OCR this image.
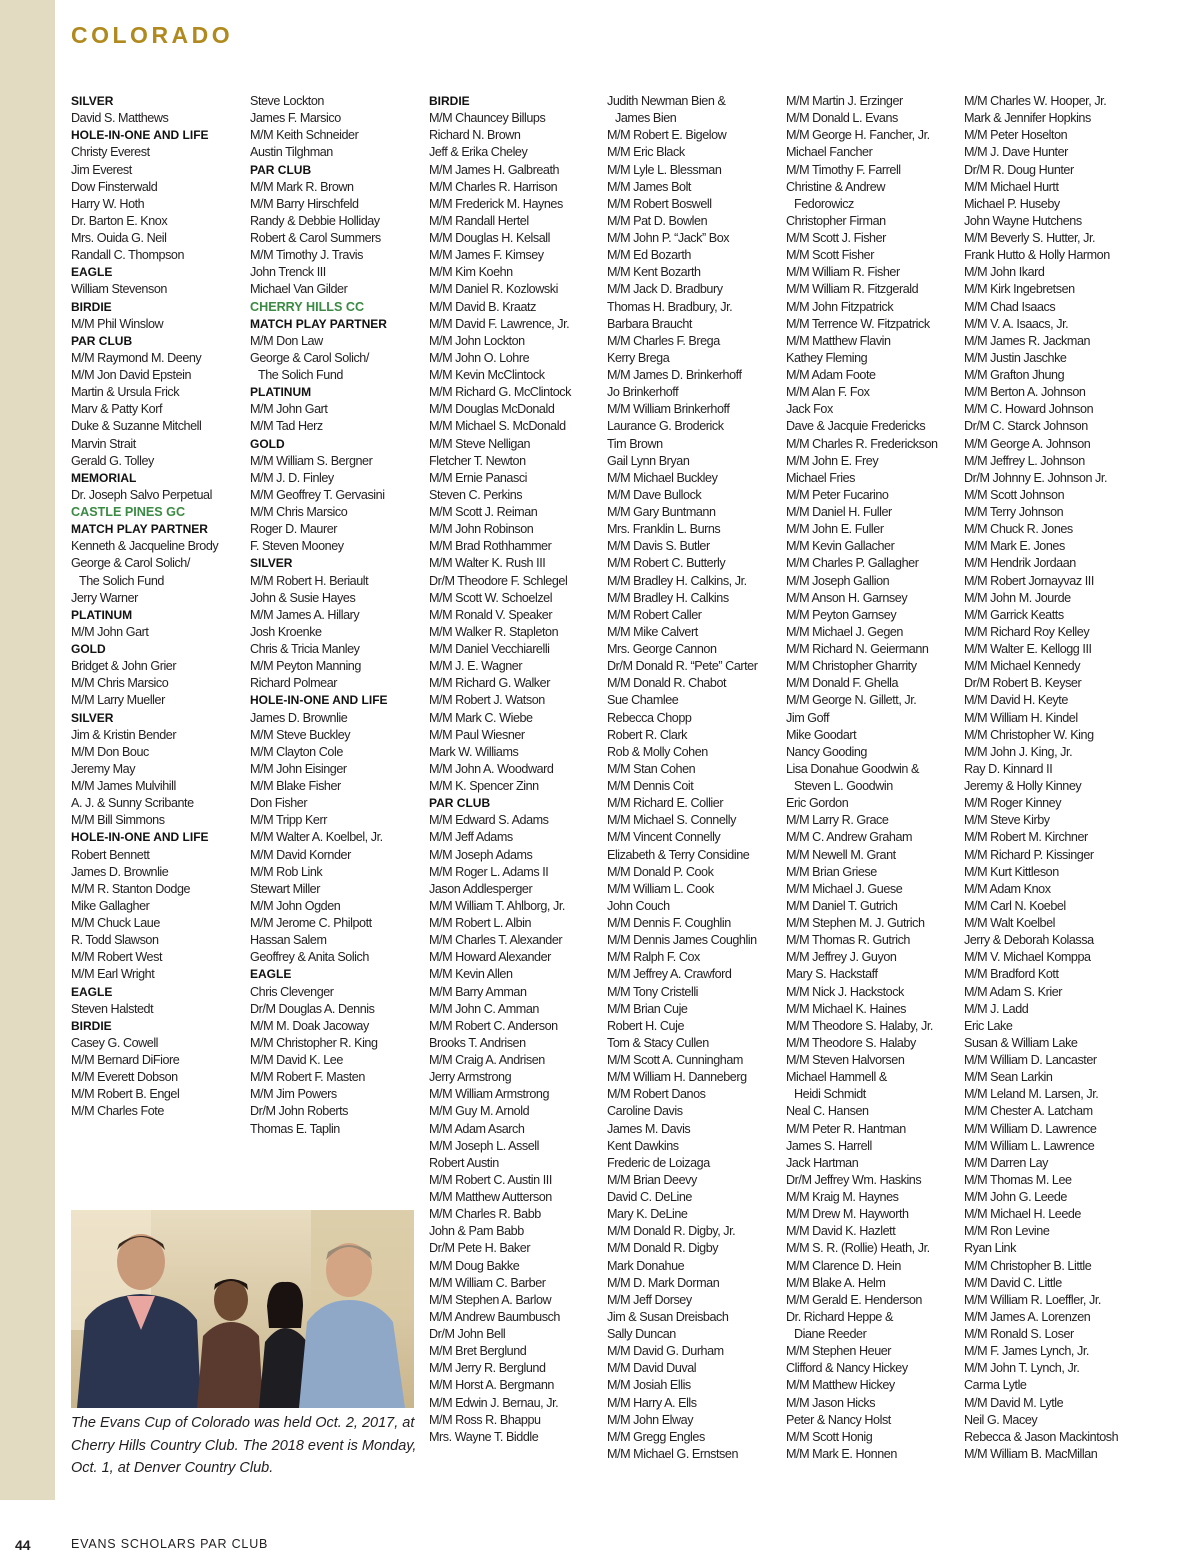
COLORADO
SILVER
David S. Matthews
HOLE-IN-ONE AND LIFE
Christy Everest
Jim Everest
Dow Finsterwald
Harry W. Hoth
Dr. Barton E. Knox
Mrs. Ouida G. Neil
Randall C. Thompson
EAGLE
William Stevenson
BIRDIE
M/M Phil Winslow
PAR CLUB
M/M Raymond M. Deeny
M/M Jon David Epstein
Martin & Ursula Frick
Marv & Patty Korf
Duke & Suzanne Mitchell
Marvin Strait
Gerald G. Tolley
MEMORIAL
Dr. Joseph Salvo Perpetual
CASTLE PINES GC
MATCH PLAY PARTNER
Kenneth & Jacqueline Brody
George & Carol Solich/
The Solich Fund
Jerry Warner
PLATINUM
M/M John Gart
GOLD
Bridget & John Grier
M/M Chris Marsico
M/M Larry Mueller
SILVER
Jim & Kristin Bender
M/M Don Bouc
Jeremy May
M/M James Mulvihill
A. J. & Sunny Scribante
M/M Bill Simmons
HOLE-IN-ONE AND LIFE
Robert Bennett
James D. Brownlie
M/M R. Stanton Dodge
Mike Gallagher
M/M Chuck Laue
R. Todd Slawson
M/M Robert West
M/M Earl Wright
EAGLE
Steven Halstedt
BIRDIE
Casey G. Cowell
M/M Bernard DiFiore
M/M Everett Dobson
M/M Robert B. Engel
M/M Charles Fote
Steve Lockton
James F. Marsico
M/M Keith Schneider
Austin Tilghman
PAR CLUB
M/M Mark R. Brown
M/M Barry Hirschfeld
Randy & Debbie Holliday
Robert & Carol Summers
M/M Timothy J. Travis
John Trenck III
Michael Van Gilder
CHERRY HILLS CC
MATCH PLAY PARTNER
M/M Don Law
George & Carol Solich/
The Solich Fund
PLATINUM
M/M John Gart
M/M Tad Herz
GOLD
M/M William S. Bergner
M/M J. D. Finley
M/M Geoffrey T. Gervasini
M/M Chris Marsico
Roger D. Maurer
F. Steven Mooney
SILVER
M/M Robert H. Beriault
John & Susie Hayes
M/M James A. Hillary
Josh Kroenke
Chris & Tricia Manley
M/M Peyton Manning
Richard Polmear
HOLE-IN-ONE AND LIFE
James D. Brownlie
M/M Steve Buckley
M/M Clayton Cole
M/M John Eisinger
M/M Blake Fisher
Don Fisher
M/M Tripp Kerr
M/M Walter A. Koelbel, Jr.
M/M David Kornder
M/M Rob Link
Stewart Miller
M/M John Ogden
M/M Jerome C. Philpott
Hassan Salem
Geoffrey & Anita Solich
EAGLE
Chris Clevenger
Dr/M Douglas A. Dennis
M/M M. Doak Jacoway
M/M Christopher R. King
M/M David K. Lee
M/M Robert F. Masten
M/M Jim Powers
Dr/M John Roberts
Thomas E. Taplin
BIRDIE
M/M Chauncey Billups
Richard N. Brown
Jeff & Erika Cheley
M/M James H. Galbreath
M/M Charles R. Harrison
M/M Frederick M. Haynes
M/M Randall Hertel
M/M Douglas H. Kelsall
M/M James F. Kimsey
M/M Kim Koehn
M/M Daniel R. Kozlowski
M/M David B. Kraatz
M/M David F. Lawrence, Jr.
M/M John Lockton
M/M John O. Lohre
M/M Kevin McClintock
M/M Richard G. McClintock
M/M Douglas McDonald
M/M Michael S. McDonald
M/M Steve Nelligan
Fletcher T. Newton
M/M Ernie Panasci
Steven C. Perkins
M/M Scott J. Reiman
M/M John Robinson
M/M Brad Rothhammer
M/M Walter K. Rush III
Dr/M Theodore F. Schlegel
M/M Scott W. Schoelzel
M/M Ronald V. Speaker
M/M Walker R. Stapleton
M/M Daniel Vecchiarelli
M/M J. E. Wagner
M/M Richard G. Walker
M/M Robert J. Watson
M/M Mark C. Wiebe
M/M Paul Wiesner
Mark W. Williams
M/M John A. Woodward
M/M K. Spencer Zinn
PAR CLUB
M/M Edward S. Adams
M/M Jeff Adams
M/M Joseph Adams
M/M Roger L. Adams II
Jason Addlesperger
M/M William T. Ahlborg, Jr.
M/M Robert L. Albin
M/M Charles T. Alexander
M/M Howard Alexander
M/M Kevin Allen
M/M Barry Amman
M/M John C. Amman
M/M Robert C. Anderson
Brooks T. Andrisen
M/M Craig A. Andrisen
Jerry Armstrong
M/M William Armstrong
M/M Guy M. Arnold
M/M Adam Asarch
M/M Joseph L. Assell
Robert Austin
M/M Robert C. Austin III
M/M Matthew Autterson
M/M Charles R. Babb
John & Pam Babb
Dr/M Pete H. Baker
M/M Doug Bakke
M/M William C. Barber
M/M Stephen A. Barlow
M/M Andrew Baumbusch
Dr/M John Bell
M/M Bret Berglund
M/M Jerry R. Berglund
M/M Horst A. Bergmann
M/M Edwin J. Bernau, Jr.
M/M Ross R. Bhappu
Mrs. Wayne T. Biddle
Judith Newman Bien &
James Bien
M/M Robert E. Bigelow
M/M Eric Black
M/M Lyle L. Blessman
M/M James Bolt
M/M Robert Boswell
M/M Pat D. Bowlen
M/M John P. “Jack” Box
M/M Ed Bozarth
M/M Kent Bozarth
M/M Jack D. Bradbury
Thomas H. Bradbury, Jr.
Barbara Braucht
M/M Charles F. Brega
Kerry Brega
M/M James D. Brinkerhoff
Jo Brinkerhoff
M/M William Brinkerhoff
Laurance G. Broderick
Tim Brown
Gail Lynn Bryan
M/M Michael Buckley
M/M Dave Bullock
M/M Gary Buntmann
Mrs. Franklin L. Burns
M/M Davis S. Butler
M/M Robert C. Butterly
M/M Bradley H. Calkins, Jr.
M/M Bradley H. Calkins
M/M Robert Caller
M/M Mike Calvert
Mrs. George Cannon
Dr/M Donald R. “Pete” Carter
M/M Donald R. Chabot
Sue Chamlee
Rebecca Chopp
Robert R. Clark
Rob & Molly Cohen
M/M Stan Cohen
M/M Dennis Coit
M/M Richard E. Collier
M/M Michael S. Connelly
M/M Vincent Connelly
Elizabeth & Terry Considine
M/M Donald P. Cook
M/M William L. Cook
John Couch
M/M Dennis F. Coughlin
M/M Dennis James Coughlin
M/M Ralph F. Cox
M/M Jeffrey A. Crawford
M/M Tony Cristelli
M/M Brian Cuje
Robert H. Cuje
Tom & Stacy Cullen
M/M Scott A. Cunningham
M/M William H. Danneberg
M/M Robert Danos
Caroline Davis
James M. Davis
Kent Dawkins
Frederic de Loizaga
M/M Brian Deevy
David C. DeLine
Mary K. DeLine
M/M Donald R. Digby, Jr.
M/M Donald R. Digby
Mark Donahue
M/M D. Mark Dorman
M/M Jeff Dorsey
Jim & Susan Dreisbach
Sally Duncan
M/M David G. Durham
M/M David Duval
M/M Josiah Ellis
M/M Harry A. Ells
M/M John Elway
M/M Gregg Engles
M/M Michael G. Ernstsen
M/M Martin J. Erzinger
M/M Donald L. Evans
M/M George H. Fancher, Jr.
Michael Fancher
M/M Timothy F. Farrell
Christine & Andrew
Fedorowicz
Christopher Firman
M/M Scott J. Fisher
M/M Scott Fisher
M/M William R. Fisher
M/M William R. Fitzgerald
M/M John Fitzpatrick
M/M Terrence W. Fitzpatrick
M/M Matthew Flavin
Kathey Fleming
M/M Adam Foote
M/M Alan F. Fox
Jack Fox
Dave & Jacquie Fredericks
M/M Charles R. Frederickson
M/M John E. Frey
Michael Fries
M/M Peter Fucarino
M/M Daniel H. Fuller
M/M John E. Fuller
M/M Kevin Gallacher
M/M Charles P. Gallagher
M/M Joseph Gallion
M/M Anson H. Garnsey
M/M Peyton Garnsey
M/M Michael J. Gegen
M/M Richard N. Geiermann
M/M Christopher Gharrity
M/M Donald F. Ghella
M/M George N. Gillett, Jr.
Jim Goff
Mike Goodart
Nancy Gooding
Lisa Donahue Goodwin &
Steven L. Goodwin
Eric Gordon
M/M Larry R. Grace
M/M C. Andrew Graham
M/M Newell M. Grant
M/M Brian Griese
M/M Michael J. Guese
M/M Daniel T. Gutrich
M/M Stephen M. J. Gutrich
M/M Thomas R. Gutrich
M/M Jeffrey J. Guyon
Mary S. Hackstaff
M/M Nick J. Hackstock
M/M Michael K. Haines
M/M Theodore S. Halaby, Jr.
M/M Theodore S. Halaby
M/M Steven Halvorsen
Michael Hammell &
Heidi Schmidt
Neal C. Hansen
M/M Peter R. Hantman
James S. Harrell
Jack Hartman
Dr/M Jeffrey Wm. Haskins
M/M Kraig M. Haynes
M/M Drew M. Hayworth
M/M David K. Hazlett
M/M S. R. (Rollie) Heath, Jr.
M/M Clarence D. Hein
M/M Blake A. Helm
M/M Gerald E. Henderson
Dr. Richard Heppe &
Diane Reeder
M/M Stephen Heuer
Clifford & Nancy Hickey
M/M Matthew Hickey
M/M Jason Hicks
Peter & Nancy Holst
M/M Scott Honig
M/M Mark E. Honnen
M/M Charles W. Hooper, Jr.
Mark & Jennifer Hopkins
M/M Peter Hoselton
M/M J. Dave Hunter
Dr/M R. Doug Hunter
M/M Michael Hurtt
Michael P. Huseby
John Wayne Hutchens
M/M Beverly S. Hutter, Jr.
Frank Hutto & Holly Harmon
M/M John Ikard
M/M Kirk Ingebretsen
M/M Chad Isaacs
M/M V. A. Isaacs, Jr.
M/M James R. Jackman
M/M Justin Jaschke
M/M Grafton Jhung
M/M Berton A. Johnson
M/M C. Howard Johnson
Dr/M C. Starck Johnson
M/M George A. Johnson
M/M Jeffrey L. Johnson
Dr/M Johnny E. Johnson Jr.
M/M Scott Johnson
M/M Terry Johnson
M/M Chuck R. Jones
M/M Mark E. Jones
M/M Hendrik Jordaan
M/M Robert Jornayvaz III
M/M John M. Jourde
M/M Garrick Keatts
M/M Richard Roy Kelley
M/M Walter E. Kellogg III
M/M Michael Kennedy
Dr/M Robert B. Keyser
M/M David H. Keyte
M/M William H. Kindel
M/M Christopher W. King
M/M John J. King, Jr.
Ray D. Kinnard II
Jeremy & Holly Kinney
M/M Roger Kinney
M/M Steve Kirby
M/M Robert M. Kirchner
M/M Richard P. Kissinger
M/M Kurt Kittleson
M/M Adam Knox
M/M Carl N. Koebel
M/M Walt Koelbel
Jerry & Deborah Kolassa
M/M V. Michael Komppa
M/M Bradford Kott
M/M Adam S. Krier
M/M J. Ladd
Eric Lake
Susan & William Lake
M/M William D. Lancaster
M/M Sean Larkin
M/M Leland M. Larsen, Jr.
M/M Chester A. Latcham
M/M William D. Lawrence
M/M William L. Lawrence
M/M Darren Lay
M/M Thomas M. Lee
M/M John G. Leede
M/M Michael H. Leede
M/M Ron Levine
Ryan Link
M/M Christopher B. Little
M/M David C. Little
M/M William R. Loeffler, Jr.
M/M James A. Lorenzen
M/M Ronald S. Loser
M/M F. James Lynch, Jr.
M/M John T. Lynch, Jr.
Carma Lytle
M/M David M. Lytle
Neil G. Macey
Rebecca & Jason Mackintosh
M/M William B. MacMillan
The Evans Cup of Colorado was held Oct. 2, 2017, at Cherry Hills Country Club. The 2018 event is Monday, Oct. 1, at Denver Country Club.
44	EVANS SCHOLARS PAR CLUB
